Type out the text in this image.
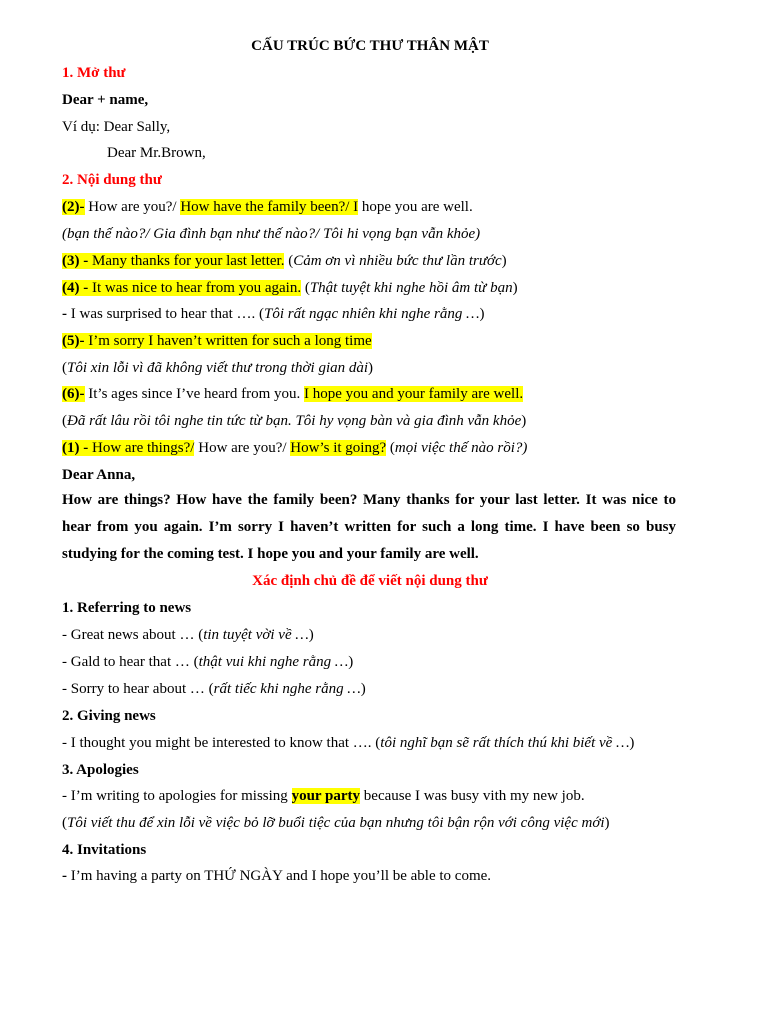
CẤU TRÚC BỨC THƯ THÂN MẬT
1. Mở thư
Dear + name,
Ví dụ: Dear Sally,
Dear Mr.Brown,
2. Nội dung thư
(2)- How are you?/ How have the family been?/ I hope you are well.
(bạn thế nào?/ Gia đình bạn như thế nào?/ Tôi hi vọng bạn vẫn khỏe)
(3) - Many thanks for your last letter. (Cảm ơn vì nhiều bức thư lần trước)
(4) - It was nice to hear from you again. (Thật tuyệt khi nghe hồi âm từ bạn)
- I was surprised to hear that …. (Tôi rất ngạc nhiên khi nghe rằng …)
(5)- I’m sorry I haven’t written for such a long time
(Tôi xin lỗi vì đã không viết thư trong thời gian dài)
(6)- It’s ages since I’ve heard from you. I hope you and your family are well.
(Đã rất lâu rồi tôi nghe tin tức từ bạn. Tôi hy vọng bàn và gia đình vẫn khỏe)
(1) - How are things?/ How are you?/ How’s it going? (mọi việc thế nào rồi?)
Dear Anna,
How are things? How have the family been? Many thanks for your last letter. It was nice to hear from you again. I’m sorry I haven’t written for such a long time. I have been so busy studying for the coming test. I hope you and your family are well.
Xác định chủ đề để viết nội dung thư
1. Referring to news
- Great news about … (tin tuyệt vời về …)
- Gald to hear that … (thật vui khi nghe rằng …)
- Sorry to hear about … (rất tiếc khi nghe rằng …)
2. Giving news
- I thought you might be interested to know that …. (tôi nghĩ bạn sẽ rất thích thú khi biết về …)
3. Apologies
- I’m writing to apologies for missing your party because I was busy vith my new job.
(Tôi viết thu để xin lỗi về việc bỏ lỡ buổi tiệc của bạn nhưng tôi bận rộn với công việc mới)
4. Invitations
- I’m having a party on THỨ NGÀY and I hope you’ll be able to come.
